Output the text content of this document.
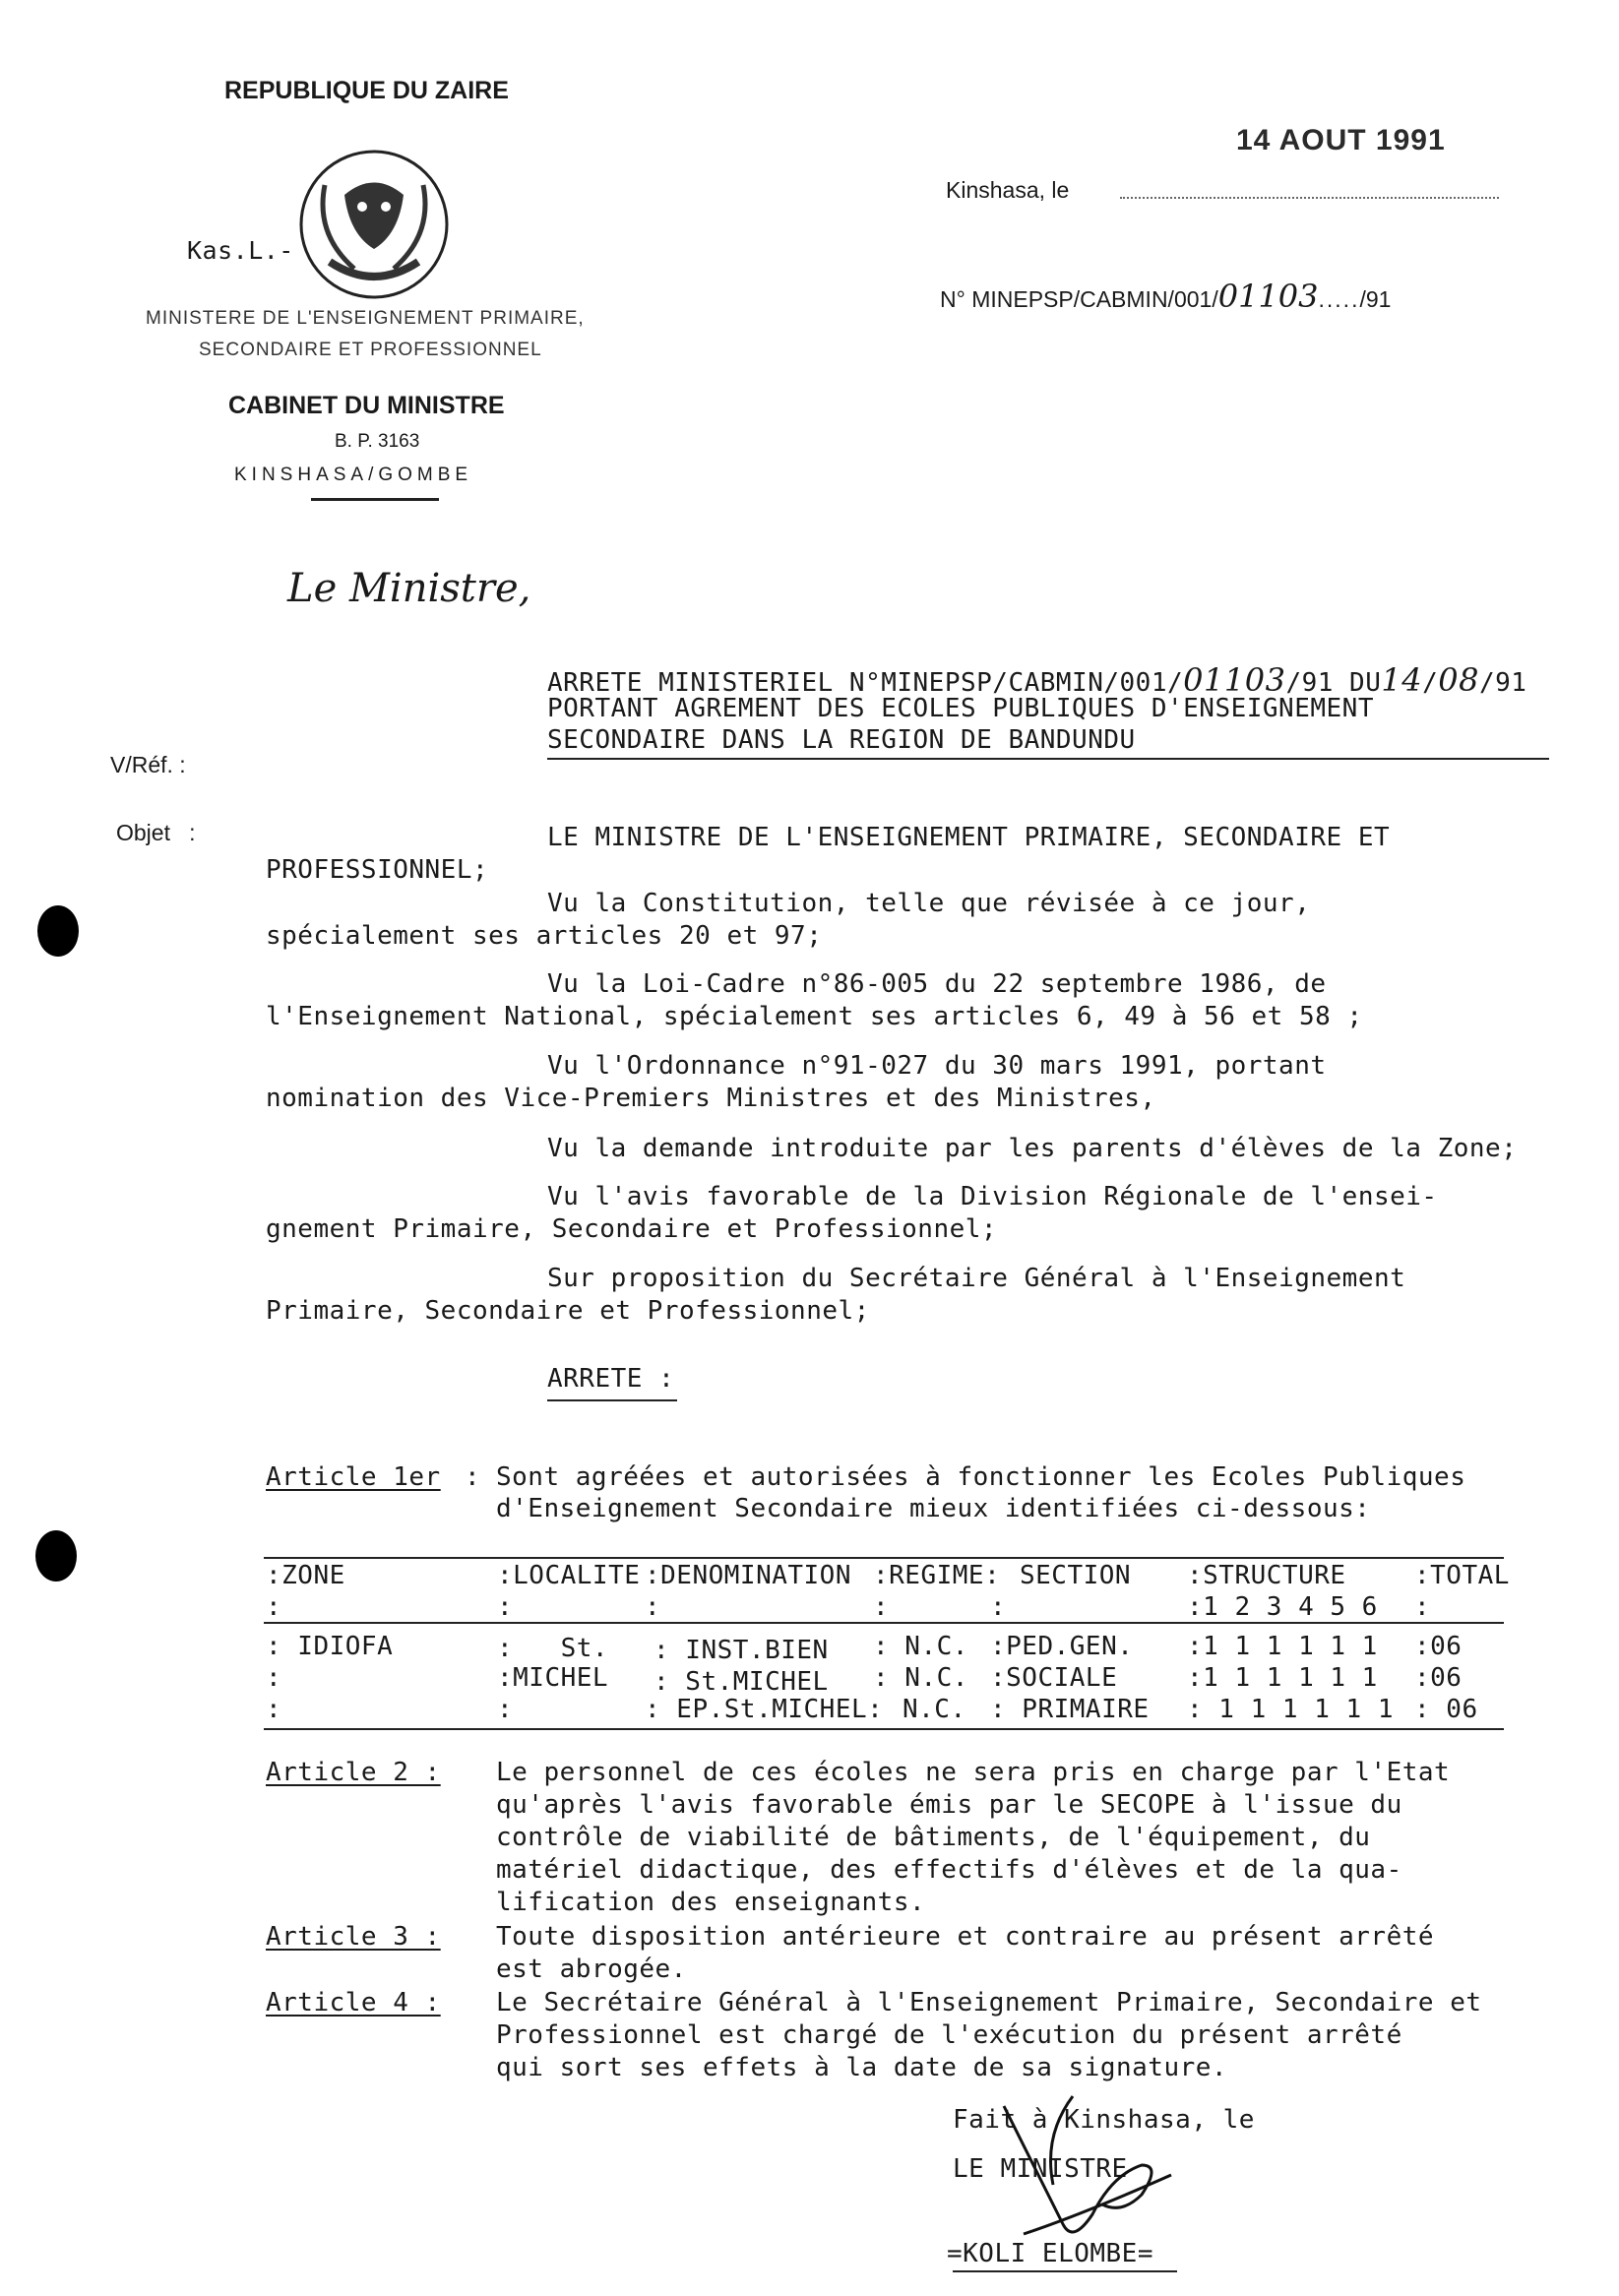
REPUBLIQUE DU ZAIRE
Kas.L.-
MINISTERE DE L'ENSEIGNEMENT PRIMAIRE,
SECONDAIRE ET PROFESSIONNEL
CABINET DU MINISTRE
B. P. 3163
KINSHASA/GOMBE
Le Ministre,
14 AOUT 1991
Kinshasa, le
N° MINEPSP/CABMIN/001/01103...../91
ARRETE MINISTERIEL N°MINEPSP/CABMIN/001/01103/91 DU14/08/91
PORTANT AGREMENT DES ECOLES PUBLIQUES D'ENSEIGNEMENT
SECONDAIRE DANS LA REGION DE BANDUNDU
V/Réf. :
Objet   :	LE MINISTRE DE L'ENSEIGNEMENT PRIMAIRE, SECONDAIRE ET
PROFESSIONNEL;
Vu la Constitution, telle que révisée à ce jour,
spécialement ses articles 20 et 97;
Vu la Loi-Cadre n°86-005 du 22 septembre 1986, de
l'Enseignement National, spécialement ses articles 6, 49 à 56 et 58 ;
Vu l'Ordonnance n°91-027 du 30 mars 1991, portant
nomination des Vice-Premiers Ministres et des Ministres,
Vu la demande introduite par les parents d'élèves de la Zone;
Vu l'avis favorable de la Division Régionale de l'ensei-
gnement Primaire, Secondaire et Professionnel;
Sur proposition du Secrétaire Général à l'Enseignement
Primaire, Secondaire et Professionnel;
ARRETE :
Article 1er : Sont agréées et autorisées à fonctionner les Ecoles Publiques
d'Enseignement Secondaire mieux identifiées ci-dessous:
:ZONE	:LOCALITE :DENOMINATION :REGIME: SECTION :STRUCTURE	:TOTAL
:	:	:	:	:	:1 2 3 4 5 6 :
: IDIOFA	:   St. : INST.BIEN : N.C. :PED.GEN. :1 1 1 1 1 1 :06
:	:MICHEL : St.MICHEL : N.C. :SOCIALE	:1 1 1 1 1 1 :06
:	:	: EP.St.MICHEL: N.C. : PRIMAIRE : 1 1 1 1 1 1 : 06
Article 2 : Le personnel de ces écoles ne sera pris en charge par l'Etat
qu'après l'avis favorable émis par le SECOPE à l'issue du
contrôle de viabilité de bâtiments, de l'équipement, du
matériel didactique, des effectifs d'élèves et de la qua-
lification des enseignants.
Article 3 : Toute disposition antérieure et contraire au présent arrêté
est abrogée.
Article 4 : Le Secrétaire Général à l'Enseignement Primaire, Secondaire et
Professionnel est chargé de l'exécution du présent arrêté
qui sort ses effets à la date de sa signature.
Fait à Kinshasa, le
LE MINISTRE
=KOLI ELOMBE=
